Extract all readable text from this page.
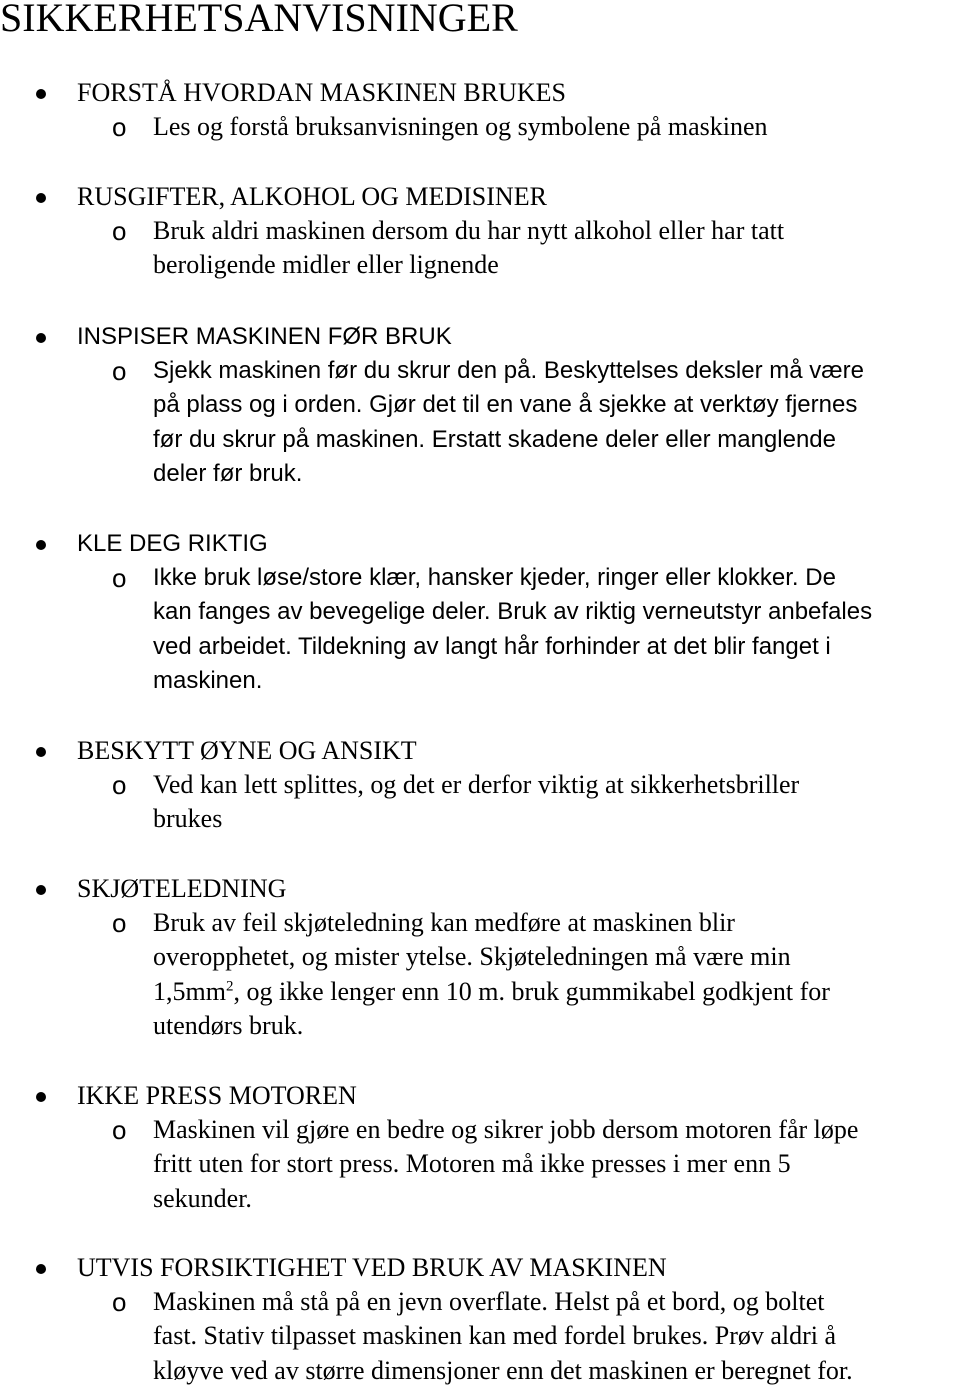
SIKKERHETSANVISNINGER
FORSTÅ HVORDAN MASKINEN BRUKES
o Les og forstå bruksanvisningen og symbolene på maskinen

RUSGIFTER, ALKOHOL OG MEDISINER
o Bruk aldri maskinen dersom du har nytt alkohol eller har tatt
beroligende midler eller lignende

INSPISER MASKINEN FØR BRUK
o Sjekk maskinen før du skrur den på. Beskyttelses deksler må være
på plass og i orden. Gjør det til en vane å sjekke at verktøy fjernes
før du skrur på maskinen. Erstatt skadene deler eller manglende
deler før bruk.

KLE DEG RIKTIG
o Ikke bruk løse/store klær, hansker kjeder, ringer eller klokker. De
kan fanges av bevegelige deler. Bruk av riktig verneutstyr anbefales
ved arbeidet. Tildekning av langt hår forhinder at det blir fanget i
maskinen.

BESKYTT ØYNE OG ANSIKT
o Ved kan lett splittes, og det er derfor viktig at sikkerhetsbriller
brukes

SKJØTELEDNING
o Bruk av feil skjøteledning kan medføre at maskinen blir
overopphetet, og mister ytelse. Skjøteledningen må være min
$1,5mm^2$, og ikke lenger enn 10 m. bruk gummikabel godkjent for
utendørs bruk.

IKKE PRESS MOTOREN
o Maskinen vil gjøre en bedre og sikrer jobb dersom motoren får løpe
fritt uten for stort press. Motoren må ikke presses i mer enn 5
sekunder.

UTVIS FORSIKTIGHET VED BRUK AV MASKINEN
o Maskinen må stå på en jevn overflate. Helst på et bord, og boltet
fast. Stativ tilpasset maskinen kan med fordel brukes. Prøv aldri å
kløyve ved av større dimensjoner enn det maskinen er beregnet for.
